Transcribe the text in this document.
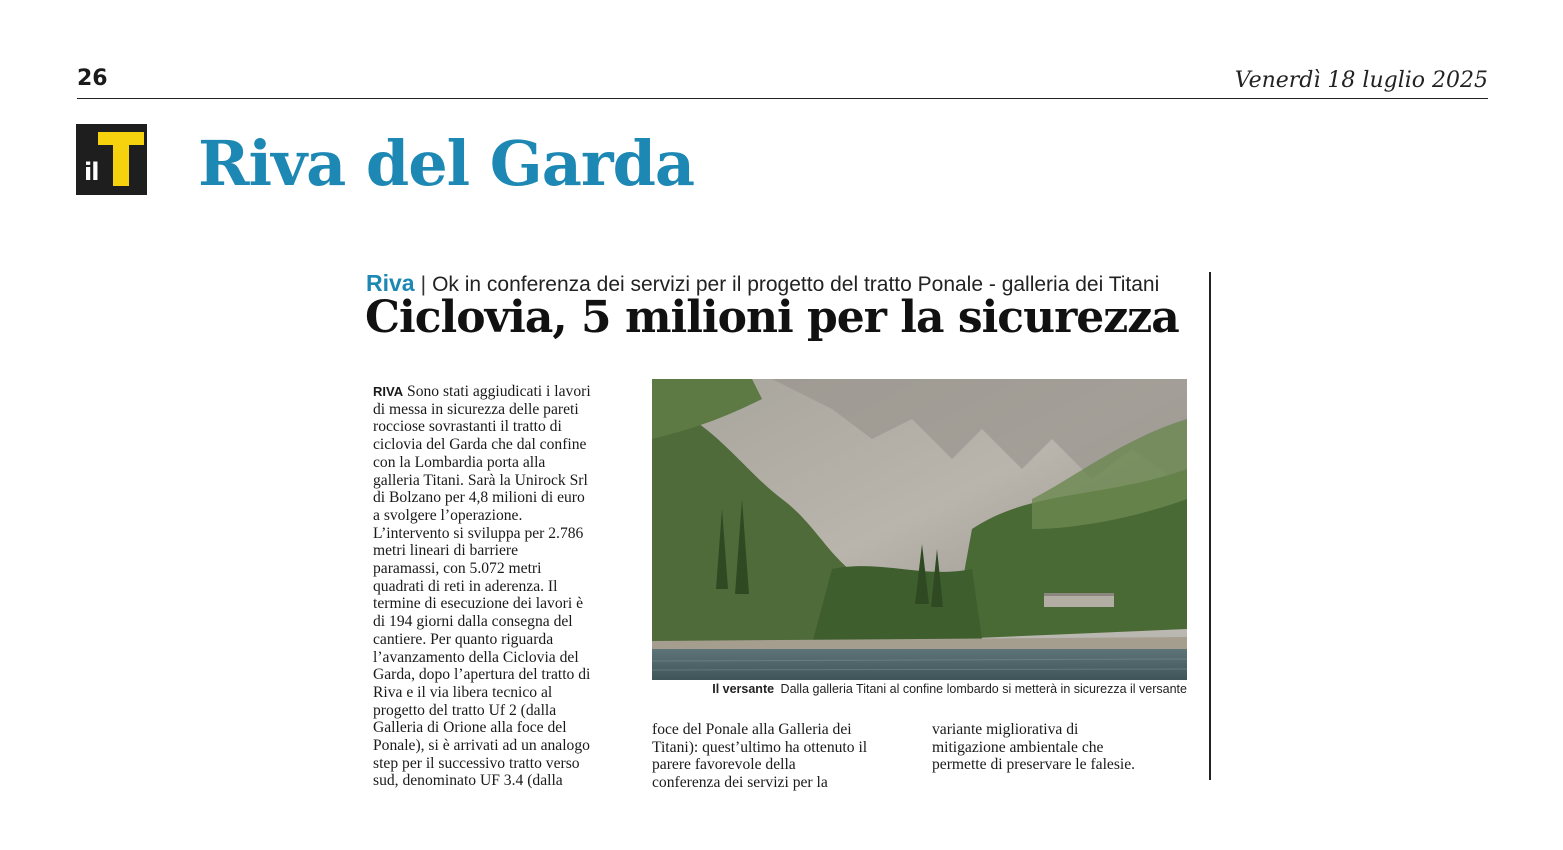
26	Venerdì 18 luglio 2025
il Riva del Garda
Riva | Ok in conferenza dei servizi per il progetto del tratto Ponale - galleria dei Titani
Ciclovia, 5 milioni per la sicurezza
RIVA Sono stati aggiudicati i lavori
di messa in sicurezza delle pareti
rocciose sovrastanti il tratto di
ciclovia del Garda che dal confine
con la Lombardia porta alla
galleria Titani. Sarà la Unirock Srl
di Bolzano per 4,8 milioni di euro
a svolgere l’operazione.
L’intervento si sviluppa per 2.786
metri lineari di barriere
paramassi, con 5.072 metri
quadrati di reti in aderenza. Il
termine di esecuzione dei lavori è
di 194 giorni dalla consegna del
cantiere. Per quanto riguarda
l’avanzamento della Ciclovia del
Garda, dopo l’apertura del tratto di
Riva e il via libera tecnico al
progetto del tratto Uf 2 (dalla
Galleria di Orione alla foce del
Ponale), si è arrivati ad un analogo
step per il successivo tratto verso
sud, denominato UF 3.4 (dalla
Il versante Dalla galleria Titani al confine lombardo si metterà in sicurezza il versante
foce del Ponale alla Galleria dei
Titani): quest’ultimo ha ottenuto il
parere favorevole della
conferenza dei servizi per la
variante migliorativa di
mitigazione ambientale che
permette di preservare le falesie.
